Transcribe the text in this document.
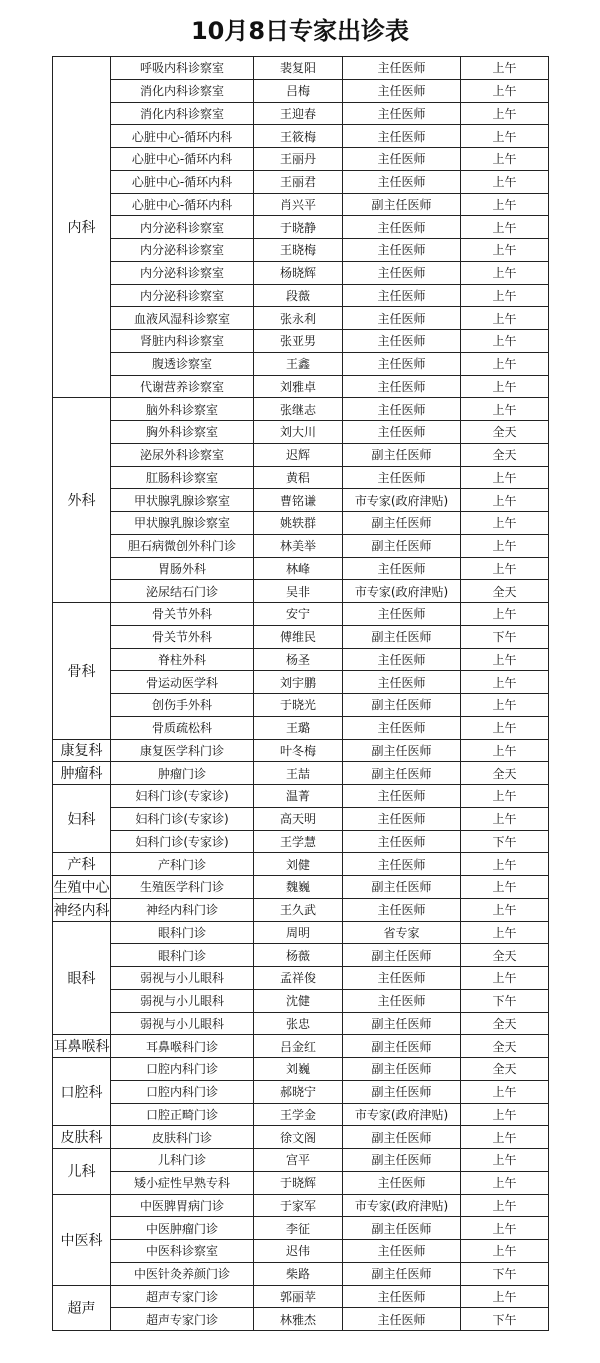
10月8日专家出诊表
内科	呼吸内科诊察室	裴复阳	主任医师	上午
	消化内科诊察室	吕梅	主任医师	上午
	消化内科诊察室	王迎春	主任医师	上午
	心脏中心-循环内科	王筱梅	主任医师	上午
	心脏中心-循环内科	王丽丹	主任医师	上午
	心脏中心-循环内科	王丽君	主任医师	上午
	心脏中心-循环内科	肖兴平	副主任医师	上午
	内分泌科诊察室	于晓静	主任医师	上午
	内分泌科诊察室	王晓梅	主任医师	上午
	内分泌科诊察室	杨晓辉	主任医师	上午
	内分泌科诊察室	段薇	主任医师	上午
	血液风湿科诊察室	张永利	主任医师	上午
	肾脏内科诊察室	张亚男	主任医师	上午
	腹透诊察室	王鑫	主任医师	上午
	代谢营养诊察室	刘雅卓	主任医师	上午
外科	脑外科诊察室	张继志	主任医师	上午
	胸外科诊察室	刘大川	主任医师	全天
	泌尿外科诊察室	迟辉	副主任医师	全天
	肛肠科诊察室	黄稆	主任医师	上午
	甲状腺乳腺诊察室	曹铭谦	市专家(政府津贴)	上午
	甲状腺乳腺诊察室	姚轶群	副主任医师	上午
	胆石病微创外科门诊	林美举	副主任医师	上午
	胃肠外科	林峰	主任医师	上午
	泌尿结石门诊	吴非	市专家(政府津贴)	全天
骨科	骨关节外科	安宁	主任医师	上午
	骨关节外科	傅维民	副主任医师	下午
	脊柱外科	杨圣	主任医师	上午
	骨运动医学科	刘宇鹏	主任医师	上午
	创伤手外科	于晓光	副主任医师	上午
	骨质疏松科	王璐	主任医师	上午
康复科	康复医学科门诊	叶冬梅	副主任医师	上午
肿瘤科	肿瘤门诊	王喆	副主任医师	全天
妇科	妇科门诊(专家诊)	温菁	主任医师	上午
	妇科门诊(专家诊)	高天明	主任医师	上午
	妇科门诊(专家诊)	王学慧	主任医师	下午
产科	产科门诊	刘健	主任医师	上午
生殖中心	生殖医学科门诊	魏巍	副主任医师	上午
神经内科	神经内科门诊	王久武	主任医师	上午
眼科	眼科门诊	周明	省专家	上午
	眼科门诊	杨薇	副主任医师	全天
	弱视与小儿眼科	孟祥俊	主任医师	上午
	弱视与小儿眼科	沈健	主任医师	下午
	弱视与小儿眼科	张忠	副主任医师	全天
耳鼻喉科	耳鼻喉科门诊	吕金红	副主任医师	全天
口腔科	口腔内科门诊	刘巍	副主任医师	全天
	口腔内科门诊	郝晓宁	副主任医师	上午
	口腔正畸门诊	王学金	市专家(政府津贴)	上午
皮肤科	皮肤科门诊	徐文阁	副主任医师	上午
儿科	儿科门诊	宫平	副主任医师	上午
	矮小症性早熟专科	于晓辉	主任医师	上午
中医科	中医脾胃病门诊	于家军	市专家(政府津贴)	上午
	中医肿瘤门诊	李征	副主任医师	上午
	中医科诊察室	迟伟	主任医师	上午
	中医针灸养颜门诊	柴路	副主任医师	下午
超声	超声专家门诊	郭丽苹	主任医师	上午
	超声专家门诊	林雅杰	主任医师	下午
